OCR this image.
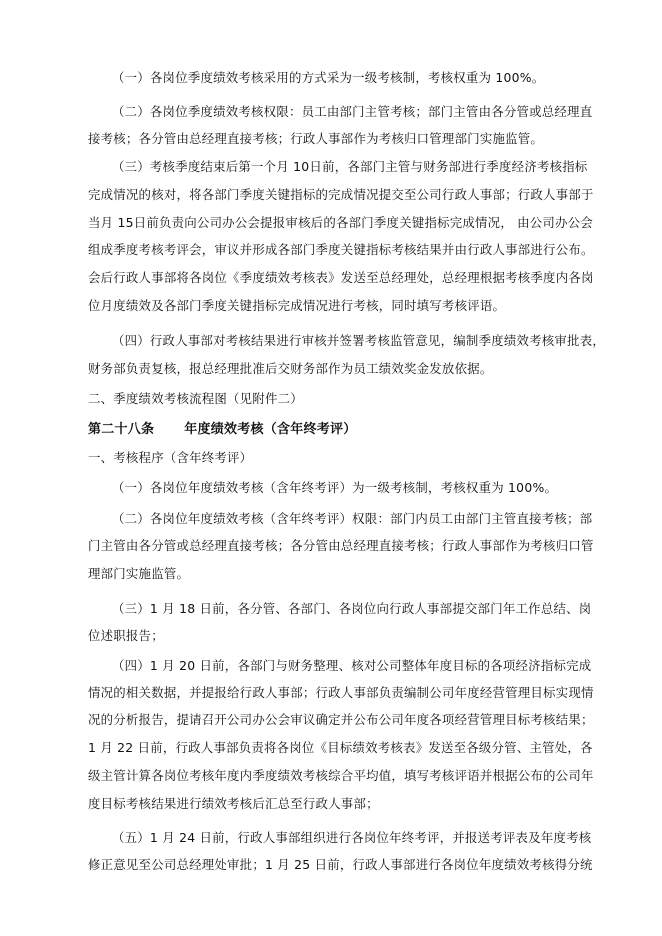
（一）各岗位季度绩效考核采用的方式采为一级考核制，考核权重为 100%。
（二）各岗位季度绩效考核权限：员工由部门主管考核；部门主管由各分管或总经理直
接考核；各分管由总经理直接考核；行政人事部作为考核归口管理部门实施监管。
（三）考核季度结束后第一个月 10日前，各部门主管与财务部进行季度经济考核指标
完成情况的核对，将各部门季度关键指标的完成情况提交至公司行政人事部；行政人事部于
当月 15日前负责向公司办公会提报审核后的各部门季度关键指标完成情况， 由公司办公会
组成季度考核考评会，审议并形成各部门季度关键指标考核结果并由行政人事部进行公布。
会后行政人事部将各岗位《季度绩效考核表》发送至总经理处，总经理根据考核季度内各岗
位月度绩效及各部门季度关键指标完成情况进行考核，同时填写考核评语。
（四）行政人事部对考核结果进行审核并签署考核监管意见，编制季度绩效考核审批表，
财务部负责复核，报总经理批准后交财务部作为员工绩效奖金发放依据。
二、季度绩效考核流程图（见附件二）
第二十八条 年度绩效考核（含年终考评）
一、考核程序（含年终考评）
（一）各岗位年度绩效考核（含年终考评）为一级考核制，考核权重为 100%。
（二）各岗位年度绩效考核（含年终考评）权限：部门内员工由部门主管直接考核；部
门主管由各分管或总经理直接考核；各分管由总经理直接考核；行政人事部作为考核归口管
理部门实施监管。
（三）1 月 18 日前，各分管、各部门、各岗位向行政人事部提交部门年工作总结、岗
位述职报告；
（四）1 月 20 日前，各部门与财务整理、核对公司整体年度目标的各项经济指标完成
情况的相关数据，并提报给行政人事部；行政人事部负责编制公司年度经营管理目标实现情
况的分析报告，提请召开公司办公会审议确定并公布公司年度各项经营管理目标考核结果；
1 月 22 日前，行政人事部负责将各岗位《目标绩效考核表》发送至各级分管、主管处，各
级主管计算各岗位考核年度内季度绩效考核综合平均值，填写考核评语并根据公布的公司年
度目标考核结果进行绩效考核后汇总至行政人事部；
（五）1 月 24 日前，行政人事部组织进行各岗位年终考评，并报送考评表及年度考核
修正意见至公司总经理处审批；1 月 25 日前，行政人事部进行各岗位年度绩效考核得分统
